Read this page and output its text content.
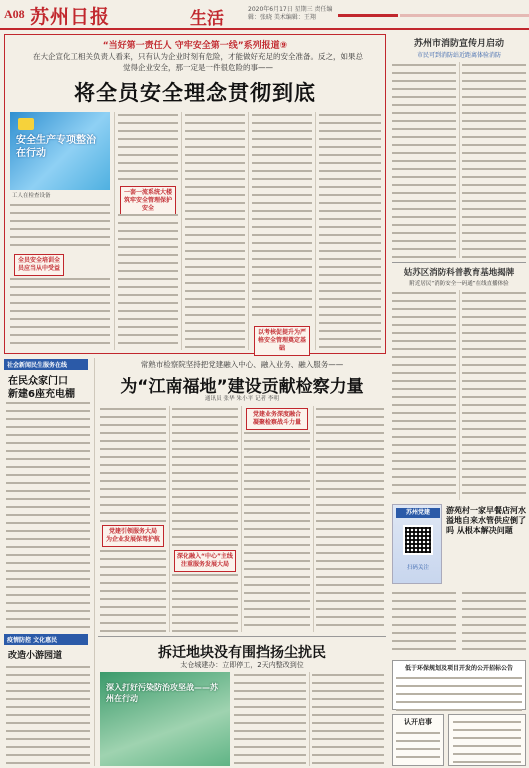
A08 苏州日报	生活	2020年6月17日 星期三 责任编辑：张晓 美术编辑：王翔
“当好第一责任人 守牢安全第一线”系列报道⑨
在大企宣化工相关负责人看来，只有认为企业时刻有危险，才能做好充足的安全准备。反之，如果总觉得企业安全，那一定是一件很危险的事——
将全员安全理念贯彻到底
安全生产专项整治在行动
工人在检查设备
全员安全培训全员应当从中受益
一套一流系统大楼筑牢安全管理保护安全
以考核促提升为严格安全管理奠定基础
苏州市消防宣传月启动
市民可到消防站近距离体验消防
姑苏区消防科普教育基地揭牌
附近居民“消防安全一码通”在线直播体验
社会新闻民生服务在线
在民众家门口
新建6座充电棚
疫情防控 文化惠民
改造小游园道
常熟市检察院坚持把党建融入中心、融入业务、融入服务——
为“江南福地”建设贡献检察力量
通讯员 张华 朱小平 记者 李明
党建引领服务大局 为企业发展保驾护航
深化融入“中心”主线 注重服务发展大局
党建业务深度融合 凝聚检察战斗力量
苏州党建
扫码关注
游苑村一家早餐店河水溢地自来水管供应倒了吗 从根本解决问题
拆迁地块没有围挡扬尘扰民
太仓城建办：立即停工，2天内整改到位
深入打好污染防治攻坚战——苏州在行动
低于环保规划及项目开发的公开招标公告
认开启事
